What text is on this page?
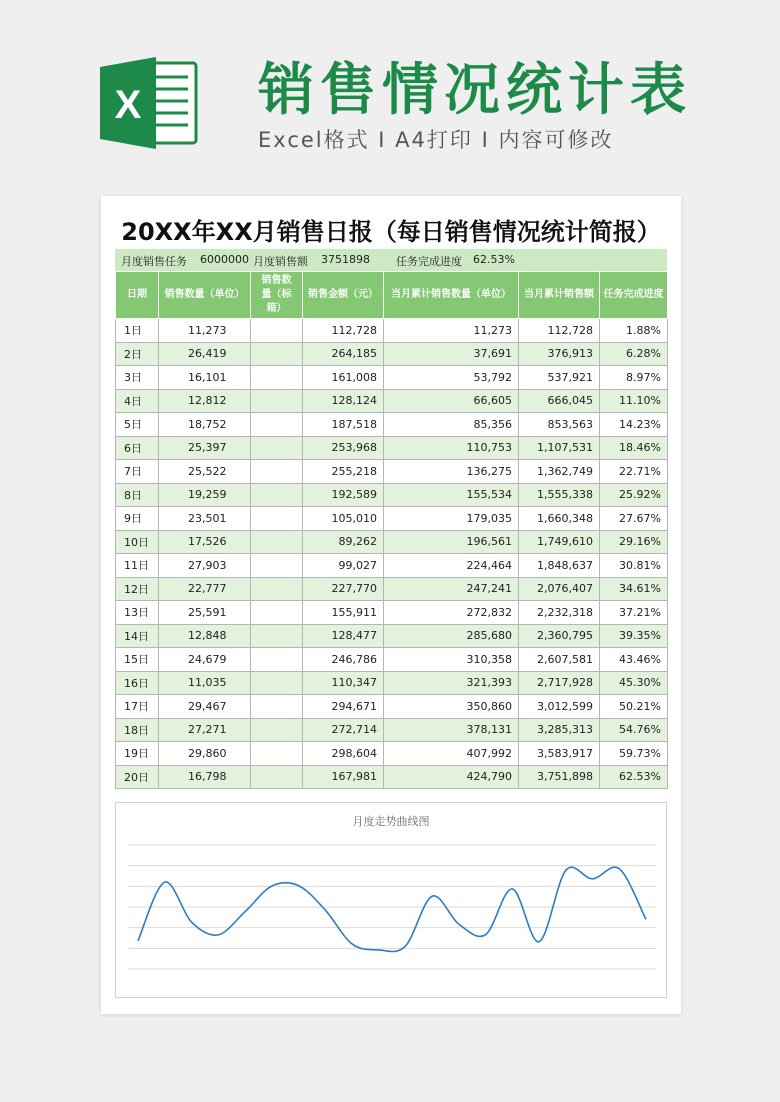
X 销售情况统计表
Excel格式 I A4打印 I 内容可修改
20XX年XX月销售日报（每日销售情况统计简报）
月度销售任务 6000000 月度销售额 3751898 任务完成进度 62.53%
日期	销售数量（单位）	销售数量（标箱）	销售金额（元）	当月累计销售数量（单位）	当月累计销售额	任务完成进度
1日	11,273		112,728	11,273	112,728	1.88%
2日	26,419		264,185	37,691	376,913	6.28%
3日	16,101		161,008	53,792	537,921	8.97%
4日	12,812		128,124	66,605	666,045	11.10%
5日	18,752		187,518	85,356	853,563	14.23%
6日	25,397		253,968	110,753	1,107,531	18.46%
7日	25,522		255,218	136,275	1,362,749	22.71%
8日	19,259		192,589	155,534	1,555,338	25.92%
9日	23,501		105,010	179,035	1,660,348	27.67%
10日	17,526		89,262	196,561	1,749,610	29.16%
11日	27,903		99,027	224,464	1,848,637	30.81%
12日	22,777		227,770	247,241	2,076,407	34.61%
13日	25,591		155,911	272,832	2,232,318	37.21%
14日	12,848		128,477	285,680	2,360,795	39.35%
15日	24,679		246,786	310,358	2,607,581	43.46%
16日	11,035		110,347	321,393	2,717,928	45.30%
17日	29,467		294,671	350,860	3,012,599	50.21%
18日	27,271		272,714	378,131	3,285,313	54.76%
19日	29,860		298,604	407,992	3,583,917	59.73%
20日	16,798		167,981	424,790	3,751,898	62.53%
月度走势曲线图
